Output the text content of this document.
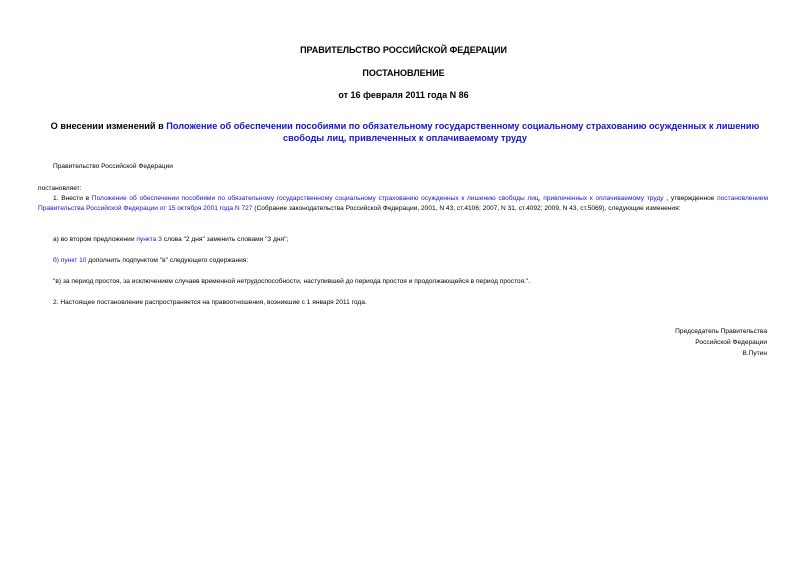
ПРАВИТЕЛЬСТВО РОССИЙСКОЙ ФЕДЕРАЦИИ
ПОСТАНОВЛЕНИЕ
от 16 февраля 2011 года N 86
О внесении изменений в Положение об обеспечении пособиями по обязательному государственному социальному страхованию осужденных к лишению свободы лиц, привлеченных к оплачиваемому труду
Правительство Российской Федерации
постановляет:
1. Внести в Положение об обеспечении пособиями по обязательному государственному социальному страхованию осужденных к лишению свободы лиц, привлеченных к оплачиваемому труду , утвержденное постановлением Правительства Российской Федерации от 15 октября 2001 года N 727 (Собрание законодательства Российской Федерации, 2001, N 43, ст.4106; 2007, N 31, ст.4092; 2009, N 43, ст.5069), следующие изменения:
а) во втором предложении пункта 3 слова "2 дня" заменить словами "3 дня";
б) пункт 10 дополнить подпунктом "в" следующего содержания:
"в) за период простоя, за исключением случаев временной нетрудоспособности, наступившей до периода простоя и продолжающейся в период простоя.".
2. Настоящее постановление распространяется на правоотношения, возникшие с 1 января 2011 года.
Председатель Правительства
Российской Федерации
В.Путин
